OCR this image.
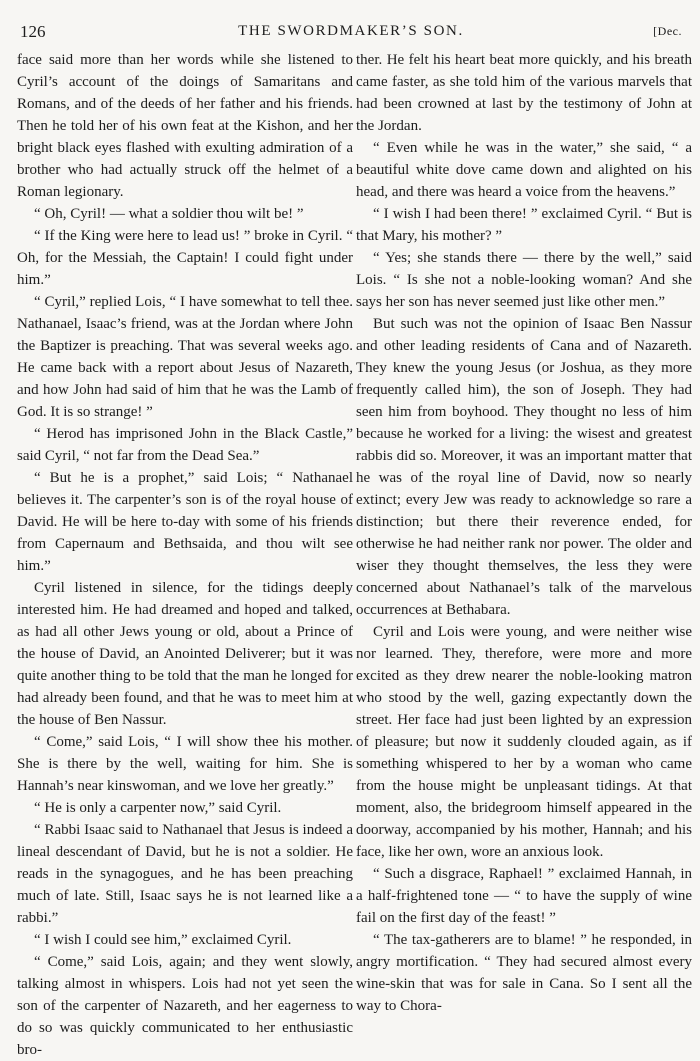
126	THE SWORDMAKER’S SON.	[Dec.

face said more than her words while she listened to Cyril’s account of the doings of Samaritans and Romans, and of the deeds of her father and his friends. Then he told her of his own feat at the Kishon, and her bright black eyes flashed with exulting admiration of a brother who had actually struck off the helmet of a Roman legionary.

“ Oh, Cyril! — what a soldier thou wilt be! ”

“ If the King were here to lead us! ” broke in Cyril. “ Oh, for the Messiah, the Captain! I could fight under him.”

“ Cyril,” replied Lois, “ I have somewhat to tell thee. Nathanael, Isaac’s friend, was at the Jordan where John the Baptizer is preaching. That was several weeks ago. He came back with a report about Jesus of Nazareth, and how John had said of him that he was the Lamb of God. It is so strange! ”

“ Herod has imprisoned John in the Black Castle,” said Cyril, “ not far from the Dead Sea.”

“ But he is a prophet,” said Lois; “ Nathanael believes it. The carpenter’s son is of the royal house of David. He will be here to-day with some of his friends from Capernaum and Bethsaida, and thou wilt see him.”

Cyril listened in silence, for the tidings deeply interested him. He had dreamed and hoped and talked, as had all other Jews young or old, about a Prince of the house of David, an Anointed Deliverer; but it was quite another thing to be told that the man he longed for had already been found, and that he was to meet him at the house of Ben Nassur.

“ Come,” said Lois, “ I will show thee his mother. She is there by the well, waiting for him. She is Hannah’s near kinswoman, and we love her greatly.”

“ He is only a carpenter now,” said Cyril.

“ Rabbi Isaac said to Nathanael that Jesus is indeed a lineal descendant of David, but he is not a soldier. He reads in the synagogues, and he has been preaching much of late. Still, Isaac says he is not learned like a rabbi.”

“ I wish I could see him,” exclaimed Cyril.

“ Come,” said Lois, again; and they went slowly, talking almost in whispers. Lois had not yet seen the son of the carpenter of Nazareth, and her eagerness to do so was quickly communicated to her enthusiastic bro-

ther. He felt his heart beat more quickly, and his breath came faster, as she told him of the various marvels that had been crowned at last by the testimony of John at the Jordan.

“ Even while he was in the water,” she said, “ a beautiful white dove came down and alighted on his head, and there was heard a voice from the heavens.”

“ I wish I had been there! ” exclaimed Cyril. “ But is that Mary, his mother? ”

“ Yes; she stands there — there by the well,” said Lois. “ Is she not a noble-looking woman? And she says her son has never seemed just like other men.”

But such was not the opinion of Isaac Ben Nassur and other leading residents of Cana and of Nazareth. They knew the young Jesus (or Joshua, as they more frequently called him), the son of Joseph. They had seen him from boyhood. They thought no less of him because he worked for a living: the wisest and greatest rabbis did so. Moreover, it was an important matter that he was of the royal line of David, now so nearly extinct; every Jew was ready to acknowledge so rare a distinction; but there their reverence ended, for otherwise he had neither rank nor power. The older and wiser they thought themselves, the less they were concerned about Nathanael’s talk of the marvelous occurrences at Bethabara.

Cyril and Lois were young, and were neither wise nor learned. They, therefore, were more and more excited as they drew nearer the noble-looking matron who stood by the well, gazing expectantly down the street. Her face had just been lighted by an expression of pleasure; but now it suddenly clouded again, as if something whispered to her by a woman who came from the house might be unpleasant tidings. At that moment, also, the bridegroom himself appeared in the doorway, accompanied by his mother, Hannah; and his face, like her own, wore an anxious look.

“ Such a disgrace, Raphael! ” exclaimed Hannah, in a half-frightened tone — “ to have the supply of wine fail on the first day of the feast! ”

“ The tax-gatherers are to blame! ” he responded, in angry mortification. “ They had secured almost every wine-skin that was for sale in Cana. So I sent all the way to Chora-
